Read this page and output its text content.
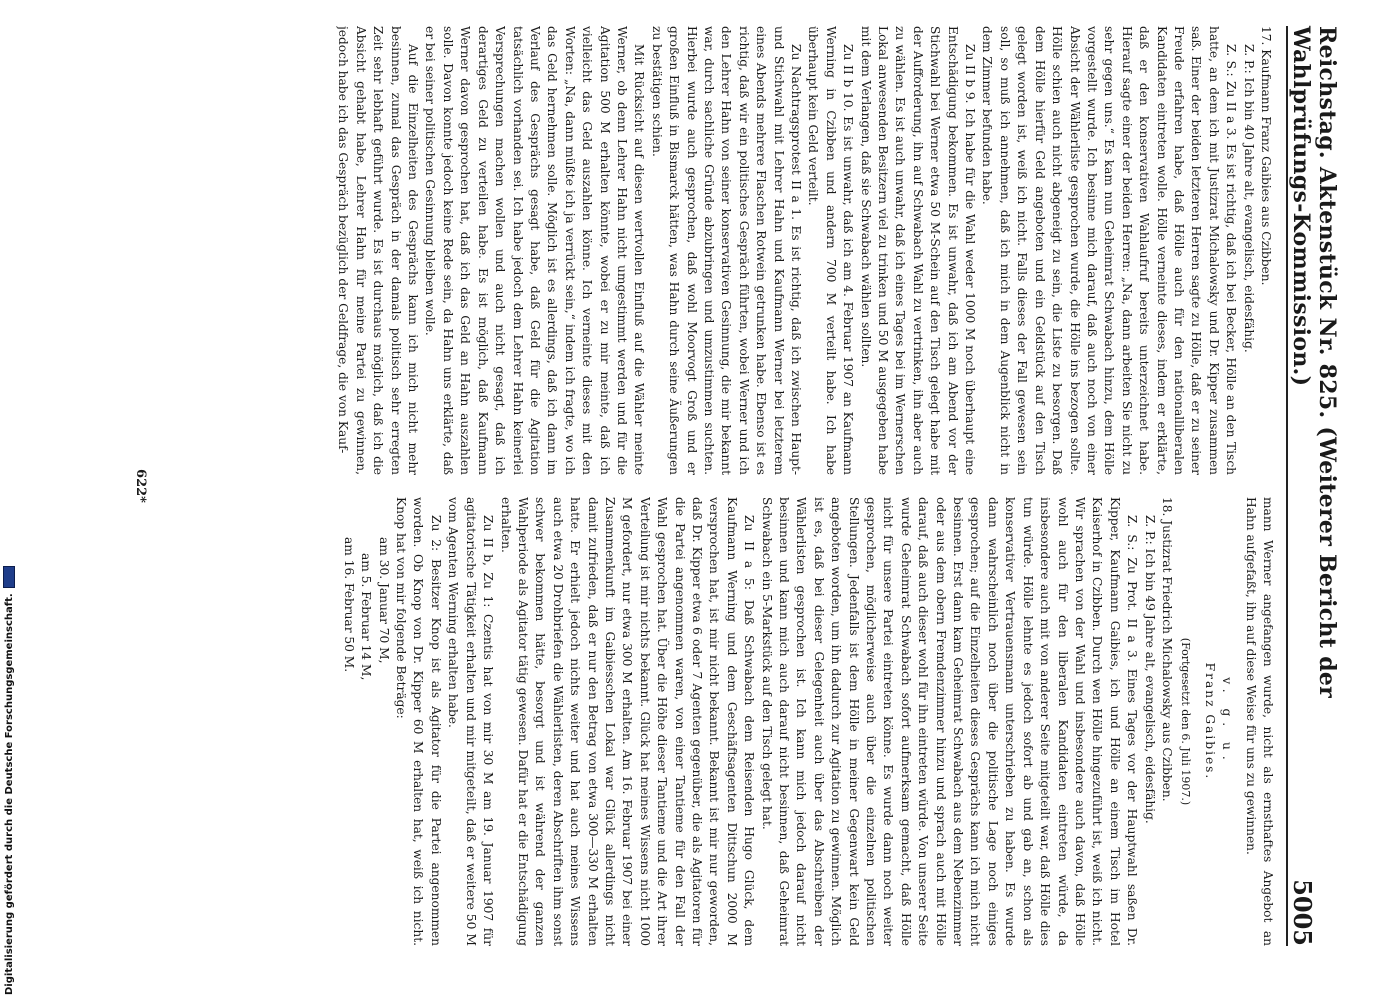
Reichstag. Aktenstück Nr. 825. (Weiterer Bericht der Wahlprüfungs-Kommission.)
5005

17. Kaufmann Franz Gaibies aus Czibben.

Z. P.: Ich bin 40 Jahre alt, evangelisch, eidesfähig.

Z. S.: Zu II a 3. Es ist richtig, daß ich bei Becker, Hölle an den Tisch hatte, an dem ich mit Justizrat Michalowsky und Dr. Kipper zusammen saß. Einer der beiden letzteren Herren sagte zu Hölle, daß er zu seiner Freude erfahren habe, daß Hölle auch für den nationalliberalen Kandidaten eintreten wolle. Hölle verneinte dieses, indem er erklärte, daß er den konservativen Wahlaufruf bereits unterzeichnet habe. Hierauf sagte einer der beiden Herren: „Na, dann arbeiten Sie nicht zu sehr gegen uns.“ Es kam nun Geheimrat Schwabach hinzu, dem Hölle vorgestellt wurde. Ich besinne mich darauf, daß auch noch von einer Absicht der Wählerliste gesprochen wurde, die Hölle ins bezogen sollte. Hölle schien auch nicht abgeneigt zu sein, die Liste zu besorgen. Daß dem Hölle hierfür Geld angeboten und ein Geldstück auf den Tisch gelegt worden ist, weiß ich nicht. Falls dieses der Fall gewesen sein soll, so muß ich annehmen, daß ich mich in dem Augenblick nicht in dem Zimmer befunden habe.

Zu II b 9. Ich habe für die Wahl weder 1000 M noch überhaupt eine Entschädigung bekommen. Es ist unwahr, daß ich am Abend vor der Stichwahl bei Werner etwa 50 M-Schein auf den Tisch gelegt habe mit der Aufforderung, ihn auf Schwabach Wahl zu vertrinken, ihn aber auch zu wählen. Es ist auch unwahr, daß ich eines Tages bei im Wernerschen Lokal anwesenden Besitzern viel zu trinken und 50 M ausgegeben habe mit dem Verlangen, daß sie Schwabach wählen sollten.

Zu II b 10. Es ist unwahr, daß ich am 4. Februar 1907 an Kaufmann Werning in Czibben und andern 700 M verteilt habe. Ich habe überhaupt kein Geld verteilt.

Zu Nachtragsprotest II a 1. Es ist richtig, daß ich zwischen Haupt- und Stichwahl mit Lehrer Hahn und Kaufmann Werner bei letzterem eines Abends mehrere Flaschen Rotwein getrunken habe. Ebenso ist es richtig, daß wir ein politisches Gespräch führten, wobei Werner und ich den Lehrer Hahn von seiner konservativen Gesinnung, die mir bekannt war, durch sachliche Gründe abzubringen und umzustimmen suchten. Hierbei wurde auch gesprochen, daß wohl Moorvogt Groß und er großen Einfluß in Bismarck hätten, was Hahn durch seine Äußerungen zu bestätigen schien.

Mit Rücksicht auf diesen wertvollen Einfluß auf die Wähler meinte Werner, ob denn Lehrer Hahn nicht umgestimmt werden und für die Agitation 500 M erhalten könnte, wobei er zu mir meinte, daß ich vielleicht das Geld auszahlen könne. Ich verneinte dieses mit den Worten: „Na, dann müßte ich ja verrückt sein,“ indem ich fragte, wo ich das Geld hernehmen solle. Möglich ist es allerdings, daß ich dann im Verlauf des Gesprächs gesagt habe, daß Geld für die Agitation tatsächlich vorhanden sei. Ich habe jedoch dem Lehrer Hahn keinerlei Versprechungen machen wollen und auch nicht gesagt, daß ich derartiges Geld zu verteilen habe. Es ist möglich, daß Kaufmann Werner davon gesprochen hat, daß ich das Geld an Hahn auszahlen solle. Davon konnte jedoch keine Rede sein, da Hahn uns erklärte, daß er bei seiner politischen Gesinnung bleiben wolle.

Auf die Einzelheiten des Gesprächs kann ich mich nicht mehr besinnen, zumal das Gespräch in der damals politisch sehr erregten Zeit sehr lebhaft geführt wurde. Es ist durchaus möglich, daß ich die Absicht gehabt habe, Lehrer Hahn für meine Partei zu gewinnen, jedoch habe ich das Gespräch bezüglich der Geldfrage, die von Kauf-

mann Werner angefangen wurde, nicht als ernsthaftes Angebot an Hahn aufgefaßt, ihn auf diese Weise für uns zu gewinnen.

v. g. u.

Franz Gaibies.

(Fortgesetzt den 6. Juli 1907.)

18. Justizrat Friedrich Michalowsky aus Czibben.

Z. P.: Ich bin 49 Jahre alt, evangelisch, eidesfähig.

Z. S.: Zu Prot. II a 3. Eines Tages vor der Hauptwahl saßen Dr. Kipper, Kaufmann Gaibies, ich und Hölle an einem Tisch im Hotel Kaiserhof in Czibben. Durch wen Hölle hingezuführt ist, weiß ich nicht. Wir sprachen von der Wahl und insbesondere auch davon, daß Hölle wohl auch für den liberalen Kandidaten eintreten würde, da insbesondere auch mit von anderer Seite mitgeteilt war, daß Hölle dies tun würde. Hölle lehnte es jedoch sofort ab und gab an, schon als konservativer Vertrauensmann unterschrieben zu haben. Es wurde dann wahrscheinlich noch über die politische Lage noch einiges gesprochen; auf die Einzelheiten dieses Gesprächs kann ich mich nicht besinnen. Erst dann kam Geheimrat Schwabach aus dem Nebenzimmer oder aus dem obern Fremdenzimmer hinzu und sprach auch mit Hölle darauf, daß auch dieser wohl für ihn eintreten würde. Von unserer Seite wurde Geheimrat Schwabach sofort aufmerksam gemacht, daß Hölle nicht für unsere Partei eintreten könne. Es wurde dann noch weiter gesprochen, möglicherweise auch über die einzelnen politischen Stellungen. Jedenfalls ist dem Hölle in meiner Gegenwart kein Geld angeboten worden, um ihn dadurch zur Agitation zu gewinnen. Möglich ist es, daß bei dieser Gelegenheit auch über das Abschreiben der Wählerlisten gesprochen ist. Ich kann mich jedoch darauf nicht besinnen und kann mich auch darauf nicht besinnen, daß Geheimrat Schwabach ein 5-Markstück auf den Tisch gelegt hat.

Zu II a 5: Daß Schwabach dem Reisenden Hugo Glück, dem Kaufmann Werning und dem Geschäftsagenten Dittschun 2000 M versprochen hat, ist mir nicht bekannt. Bekannt ist mir nur geworden, daß Dr. Kipper etwa 6 oder 7 Agenten gegenüber, die als Agitatoren für die Partei angenommen waren, von einer Tantieme für den Fall der Wahl gesprochen hat. Über die Höhe dieser Tantieme und die Art ihrer Verteilung ist mir nichts bekannt. Glück hat meines Wissens nicht 1000 M gefordert, nur etwa 300 M erhalten. Am 16. Februar 1907 bei einer Zusammenkunft im Gaibiesschen Lokal war Glück allerdings nicht damit zufrieden, daß er nur den Betrag von etwa 300—330 M erhalten hatte. Er erhielt jedoch nichts weiter und hat auch meines Wissens auch etwa 20 Drohbriefen die Wählerlisten, deren Abschriften ihm sonst schwer bekommen hätte, besorgt und ist während der ganzen Wahlperiode als Agitator tätig gewesen. Dafür hat er die Entschädigung erhalten.

Zu II b, Zu 1: Czentis hat von mir 30 M am 19. Januar 1907 für agitatorische Tätigkeit erhalten und mir mitgeteilt, daß er weitere 50 M vom Agenten Werning erhalten habe.

Zu 2: Besitzer Knop ist als Agitator für die Partei angenommen worden. Ob Knop von Dr. Kipper 60 M erhalten hat, weiß ich nicht. Knop hat von mir folgende Beträge:

am 30. Januar 70 M,

am 5. Februar 14 M,

am 16. Februar 50 M.

622*
Digitalisierung gefördert durch die Deutsche Forschungsgemeinschaft.
